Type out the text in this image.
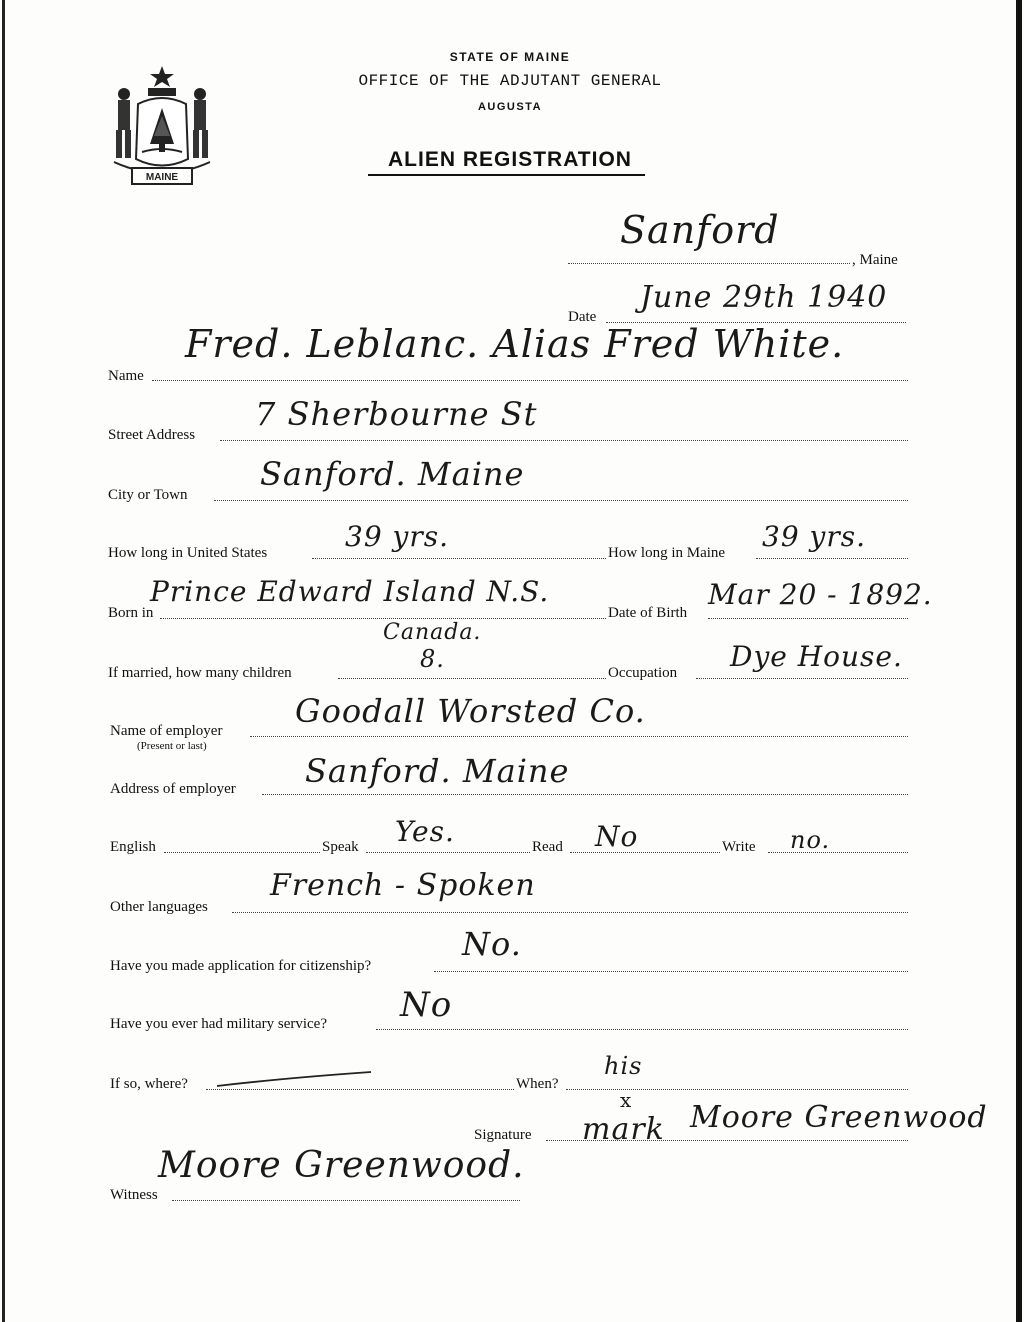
MAINE
STATE OF MAINE
OFFICE OF THE ADJUTANT GENERAL
AUGUSTA
ALIEN REGISTRATION
Sanford
, Maine
Date
June 29th 1940
Name
Fred. Leblanc. Alias Fred White.
Street Address
7 Sherbourne St
City or Town
Sanford. Maine
How long in United States	39 yrs.	How long in Maine 39 yrs.
Born in
Prince Edward Island N.S.
Canada.
Date of Birth
Mar 20 - 1892.
If married, how many children	8.	Occupation Dye House.
Name of employer
(Present or last)
Goodall Worsted Co.
Address of employer Sanford. Maine
English	Speak Yes.	Read No	Write no.
Other languages
French - Spoken
Have you made application for citizenship?
No.
Have you ever had military service? No
If so, where?	When?
Signature
his
x
mark Moore Greenwood
Witness
Moore Greenwood.
